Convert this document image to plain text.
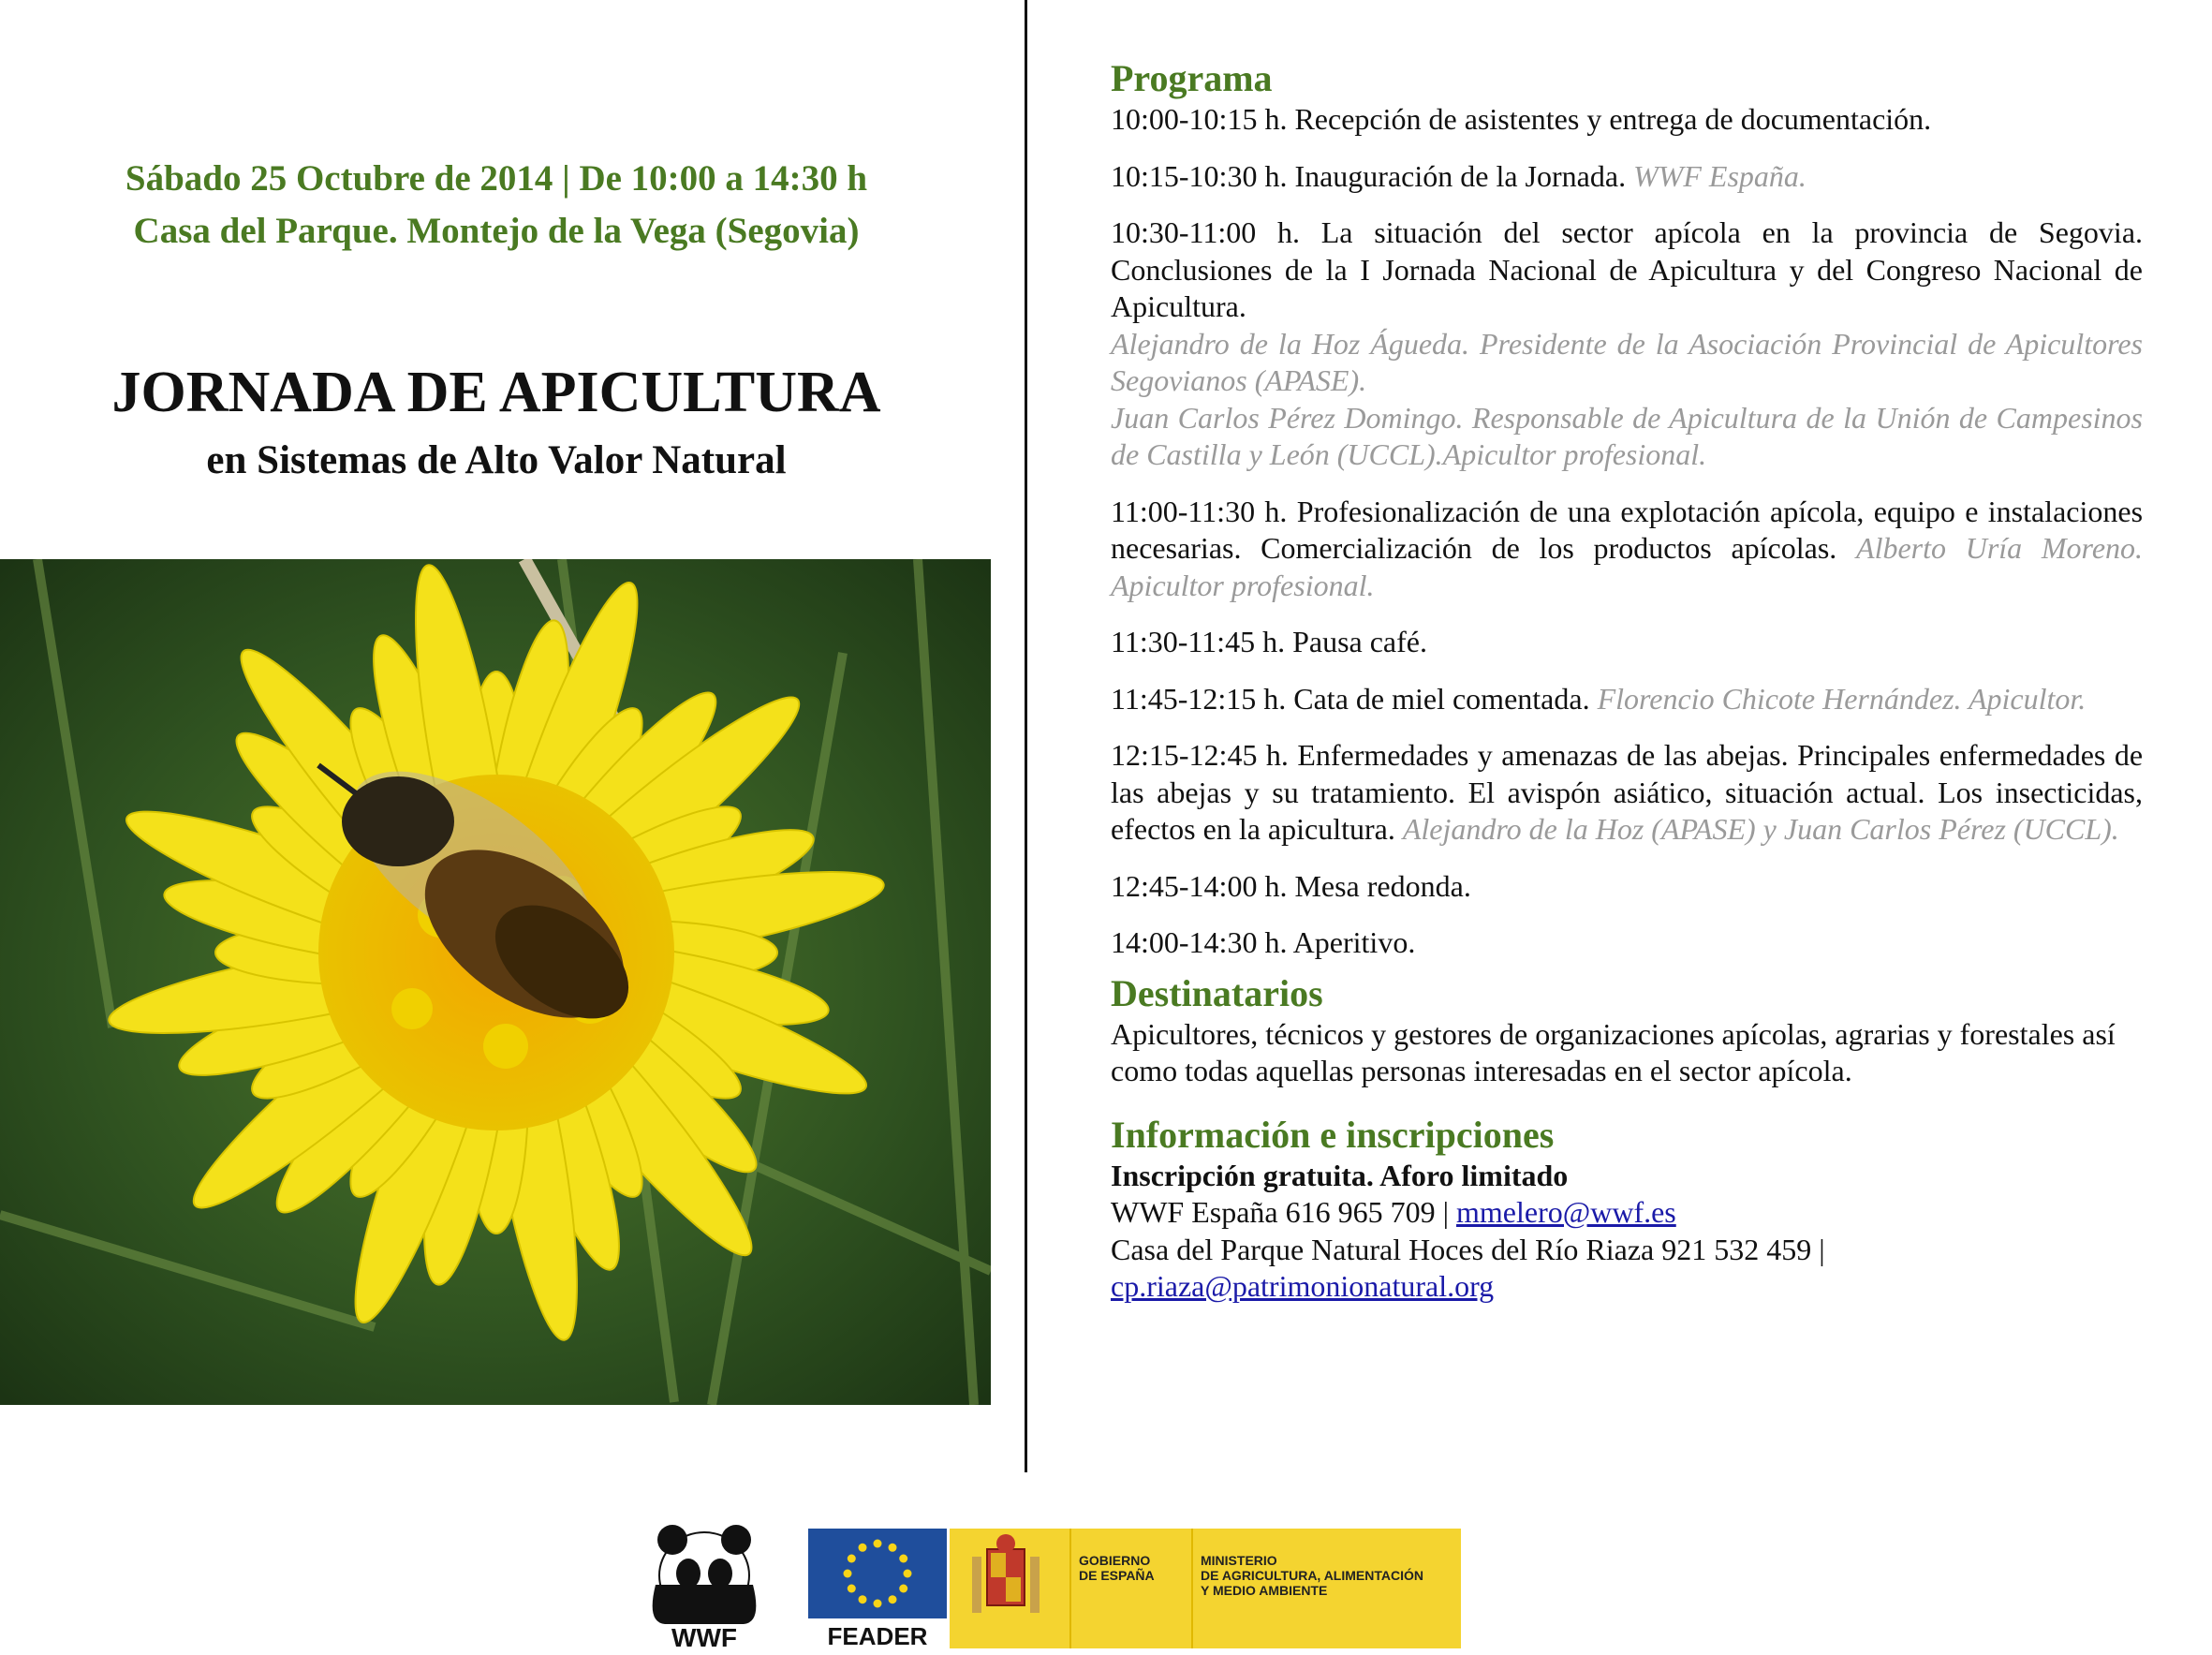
Sábado 25 Octubre de 2014 | De 10:00 a 14:30 h
Casa del Parque. Montejo de la Vega (Segovia)
JORNADA DE APICULTURA
en Sistemas de Alto Valor Natural
Programa
10:00-10:15 h. Recepción de asistentes y entrega de documentación.
10:15-10:30 h. Inauguración de la Jornada. WWF España.
10:30-11:00 h. La situación del sector apícola en la provincia de Segovia. Conclusiones de la I Jornada Nacional de Apicultura y del Congreso Nacional de Apicultura.
Alejandro de la Hoz Águeda. Presidente de la Asociación Provincial de Apicultores Segovianos (APASE).
Juan Carlos Pérez Domingo. Responsable de Apicultura de la Unión de Campesinos de Castilla y León (UCCL).Apicultor profesional.
11:00-11:30 h. Profesionalización de una explotación apícola, equipo e instalaciones necesarias. Comercialización de los productos apícolas. Alberto Uría Moreno. Apicultor profesional.
11:30-11:45 h. Pausa café.
11:45-12:15 h. Cata de miel comentada. Florencio Chicote Hernández. Apicultor.
12:15-12:45 h. Enfermedades y amenazas de las abejas. Principales enfermedades de las abejas y su tratamiento. El avispón asiático, situación actual. Los insecticidas, efectos en la apicultura. Alejandro de la Hoz (APASE) y Juan Carlos Pérez (UCCL).
12:45-14:00 h. Mesa redonda.
14:00-14:30 h. Aperitivo.
Destinatarios
Apicultores, técnicos y gestores de organizaciones apícolas, agrarias y forestales así como todas aquellas personas interesadas en el sector apícola.
Información e inscripciones
Inscripción gratuita. Aforo limitado
WWF España 616 965 709 | mmelero@wwf.es
Casa del Parque Natural Hoces del Río Riaza 921 532 459 |
cp.riaza@patrimonionatural.org
WWF	FEADER
GOBIERNO
DE ESPAÑA
MINISTERIO
DE AGRICULTURA, ALIMENTACIÓN
Y MEDIO AMBIENTE
